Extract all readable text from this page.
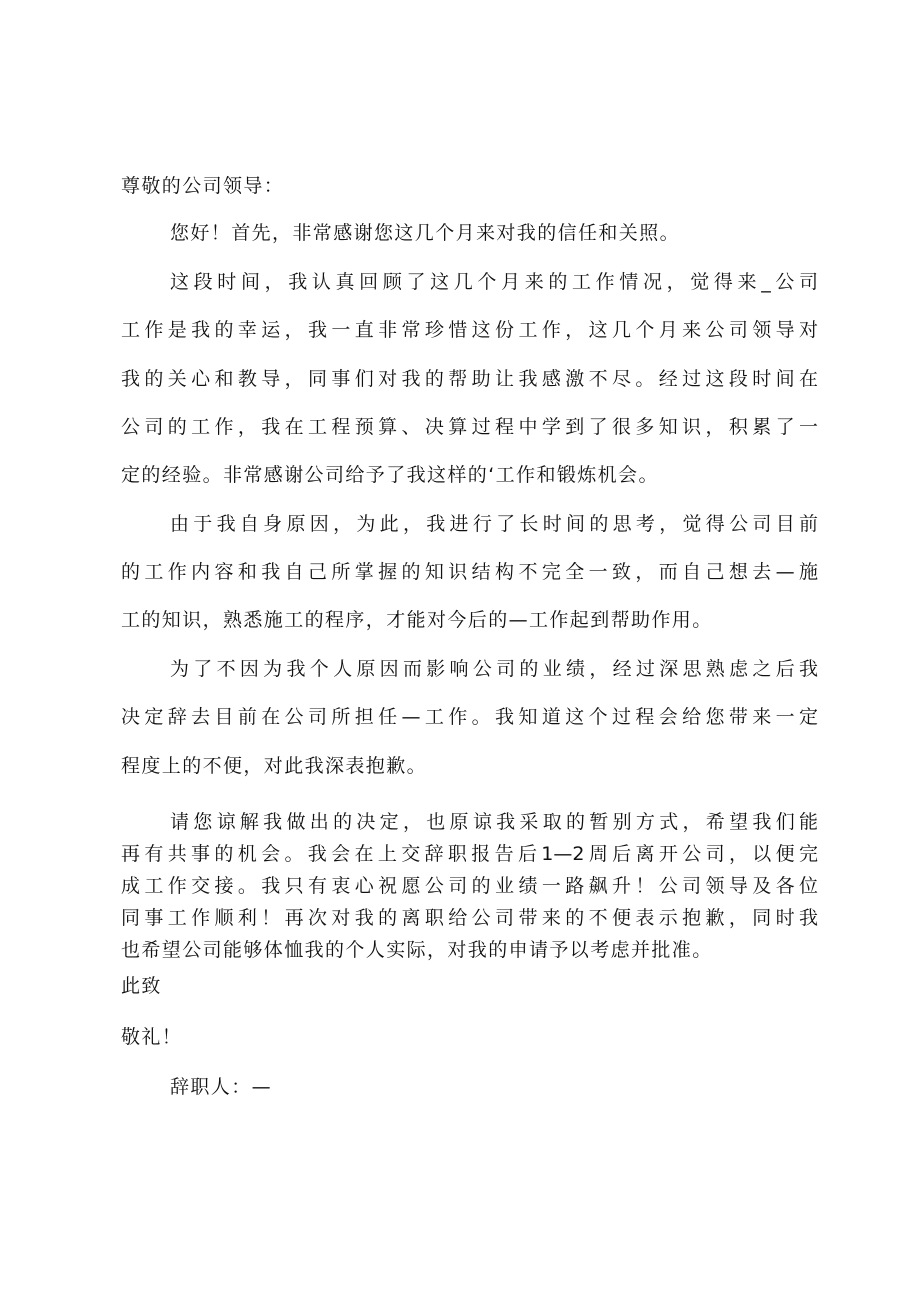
尊敬的公司领导：
您好！首先，非常感谢您这几个月来对我的信任和关照。
这段时间，我认真回顾了这几个月来的工作情况，觉得来_公司
工作是我的幸运，我一直非常珍惜这份工作，这几个月来公司领导对
我的关心和教导，同事们对我的帮助让我感激不尽。经过这段时间在
公司的工作，我在工程预算、决算过程中学到了很多知识，积累了一
定的经验。非常感谢公司给予了我这样的‘工作和锻炼机会。
由于我自身原因，为此，我进行了长时间的思考，觉得公司目前
的工作内容和我自己所掌握的知识结构不完全一致，而自己想去—施
工的知识，熟悉施工的程序，才能对今后的—工作起到帮助作用。
为了不因为我个人原因而影响公司的业绩，经过深思熟虑之后我
决定辞去目前在公司所担任—工作。我知道这个过程会给您带来一定
程度上的不便，对此我深表抱歉。
请您谅解我做出的决定，也原谅我采取的暂别方式，希望我们能
再有共事的机会。我会在上交辞职报告后1—2周后离开公司，以便完
成工作交接。我只有衷心祝愿公司的业绩一路飙升！公司领导及各位
同事工作顺利！再次对我的离职给公司带来的不便表示抱歉，同时我
也希望公司能够体恤我的个人实际，对我的申请予以考虑并批准。
此致
敬礼！
辞职人：—
